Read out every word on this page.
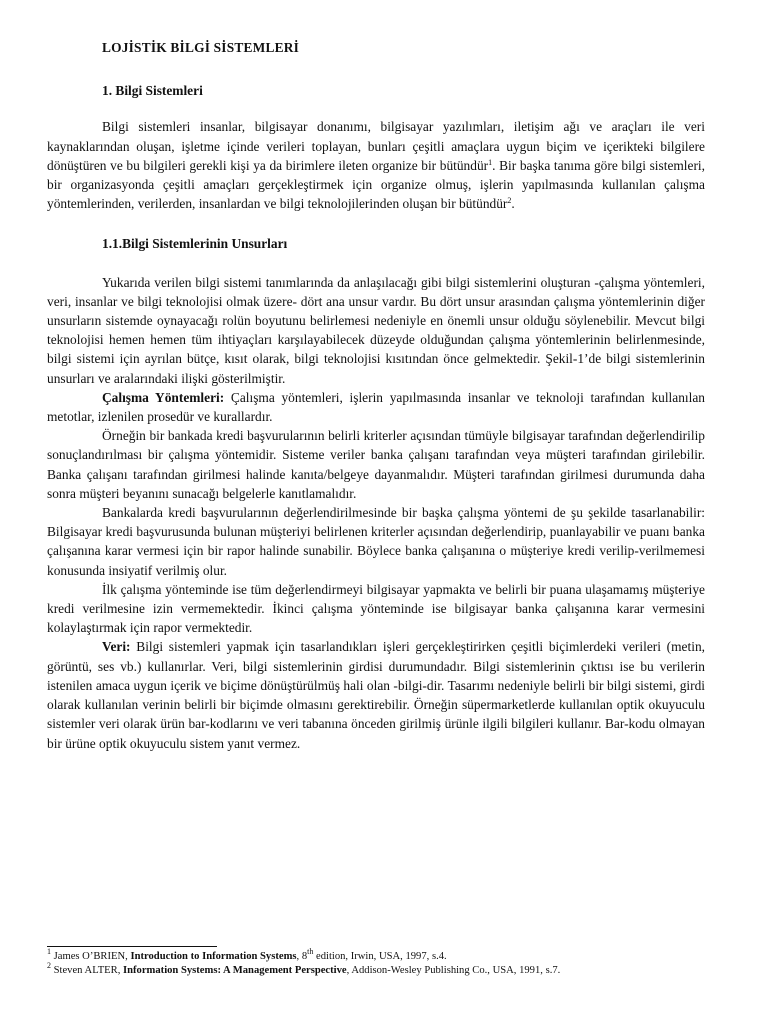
LOJİSTİK BİLGİ SİSTEMLERİ
1. Bilgi Sistemleri

Bilgi sistemleri insanlar, bilgisayar donanımı, bilgisayar yazılımları, iletişim ağı ve araçları ile veri kaynaklarından oluşan, işletme içinde verileri toplayan, bunları çeşitli amaçlara uygun biçim ve içerikteki bilgilere dönüştüren ve bu bilgileri gerekli kişi ya da birimlere ileten organize bir bütündür$^1$. Bir başka tanıma göre bilgi sistemleri, bir organizasyonda çeşitli amaçları gerçekleştirmek için organize olmuş, işlerin yapılmasında kullanılan çalışma yöntemlerinden, verilerden, insanlardan ve bilgi teknolojilerinden oluşan bir bütündür$^2$.

1.1.Bilgi Sistemlerinin Unsurları

Yukarıda verilen bilgi sistemi tanımlarında da anlaşılacağı gibi bilgi sistemlerini oluşturan -çalışma yöntemleri, veri, insanlar ve bilgi teknolojisi olmak üzere- dört ana unsur vardır. Bu dört unsur arasından çalışma yöntemlerinin diğer unsurların sistemde oynayacağı rolün boyutunu belirlemesi nedeniyle en önemli unsur olduğu söylenebilir. Mevcut bilgi teknolojisi hemen hemen tüm ihtiyaçları karşılayabilecek düzeyde olduğundan çalışma yöntemlerinin belirlenmesinde, bilgi sistemi için ayrılan bütçe, kısıt olarak, bilgi teknolojisi kısıtından önce gelmektedir. Şekil-1’de bilgi sistemlerinin unsurları ve aralarındaki ilişki gösterilmiştir.

Çalışma Yöntemleri: Çalışma yöntemleri, işlerin yapılmasında insanlar ve teknoloji tarafından kullanılan metotlar, izlenilen prosedür ve kurallardır.

Örneğin bir bankada kredi başvurularının belirli kriterler açısından tümüyle bilgisayar tarafından değerlendirilip sonuçlandırılması bir çalışma yöntemidir. Sisteme veriler banka çalışanı tarafından veya müşteri tarafından girilebilir. Banka çalışanı tarafından girilmesi halinde kanıta/belgeye dayanmalıdır. Müşteri tarafından girilmesi durumunda daha sonra müşteri beyanını sunacağı belgelerle kanıtlamalıdır.

Bankalarda kredi başvurularının değerlendirilmesinde bir başka çalışma yöntemi de şu şekilde tasarlanabilir: Bilgisayar kredi başvurusunda bulunan müşteriyi belirlenen kriterler açısından değerlendirip, puanlayabilir ve puanı banka çalışanına karar vermesi için bir rapor halinde sunabilir. Böylece banka çalışanına o müşteriye kredi verilip-verilmemesi konusunda insiyatif verilmiş olur.

İlk çalışma yönteminde ise tüm değerlendirmeyi bilgisayar yapmakta ve belirli bir puana ulaşamamış müşteriye kredi verilmesine izin vermemektedir. İkinci çalışma yönteminde ise bilgisayar banka çalışanına karar vermesini kolaylaştırmak için rapor vermektedir.

Veri: Bilgi sistemleri yapmak için tasarlandıkları işleri gerçekleştirirken çeşitli biçimlerdeki verileri (metin, görüntü, ses vb.) kullanırlar. Veri, bilgi sistemlerinin girdisi durumundadır. Bilgi sistemlerinin çıktısı ise bu verilerin istenilen amaca uygun içerik ve biçime dönüştürülmüş hali olan -bilgi-dir. Tasarımı nedeniyle belirli bir bilgi sistemi, girdi olarak kullanılan verinin belirli bir biçimde olmasını gerektirebilir. Örneğin süpermarketlerde kullanılan optik okuyuculu sistemler veri olarak ürün bar-kodlarını ve veri tabanına önceden girilmiş ürünle ilgili bilgileri kullanır. Bar-kodu olmayan bir ürüne optik okuyuculu sistem yanıt vermez.

$^1$ James O’BRIEN, Introduction to Information Systems, 8th edition, Irwin, USA, 1997, s.4.

$^2$ Steven ALTER, Information Systems: A Management Perspective, Addison-Wesley Publishing Co., USA, 1991, s.7.
